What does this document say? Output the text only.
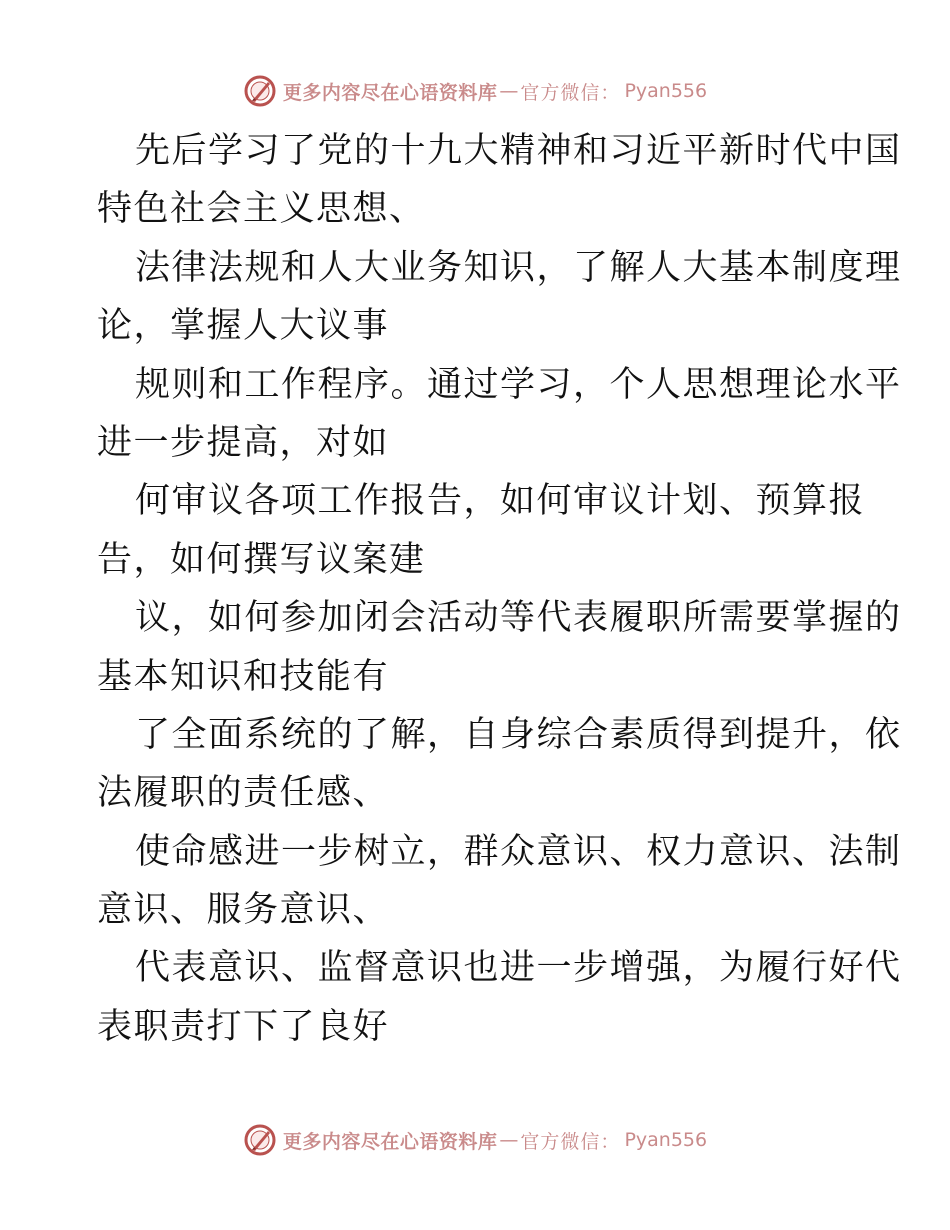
更多内容尽在心语资料库 — 官方微信： Pyan556
先后学习了党的十九大精神和习近平新时代中国
特色社会主义思想、
法律法规和人大业务知识，了解人大基本制度理
论，掌握人大议事
规则和工作程序。通过学习，个人思想理论水平
进一步提高，对如
何审议各项工作报告，如何审议计划、预算报
告，如何撰写议案建
议，如何参加闭会活动等代表履职所需要掌握的
基本知识和技能有
了全面系统的了解，自身综合素质得到提升，依
法履职的责任感、
使命感进一步树立，群众意识、权力意识、法制
意识、服务意识、
代表意识、监督意识也进一步增强，为履行好代
表职责打下了良好
更多内容尽在心语资料库 — 官方微信： Pyan556
